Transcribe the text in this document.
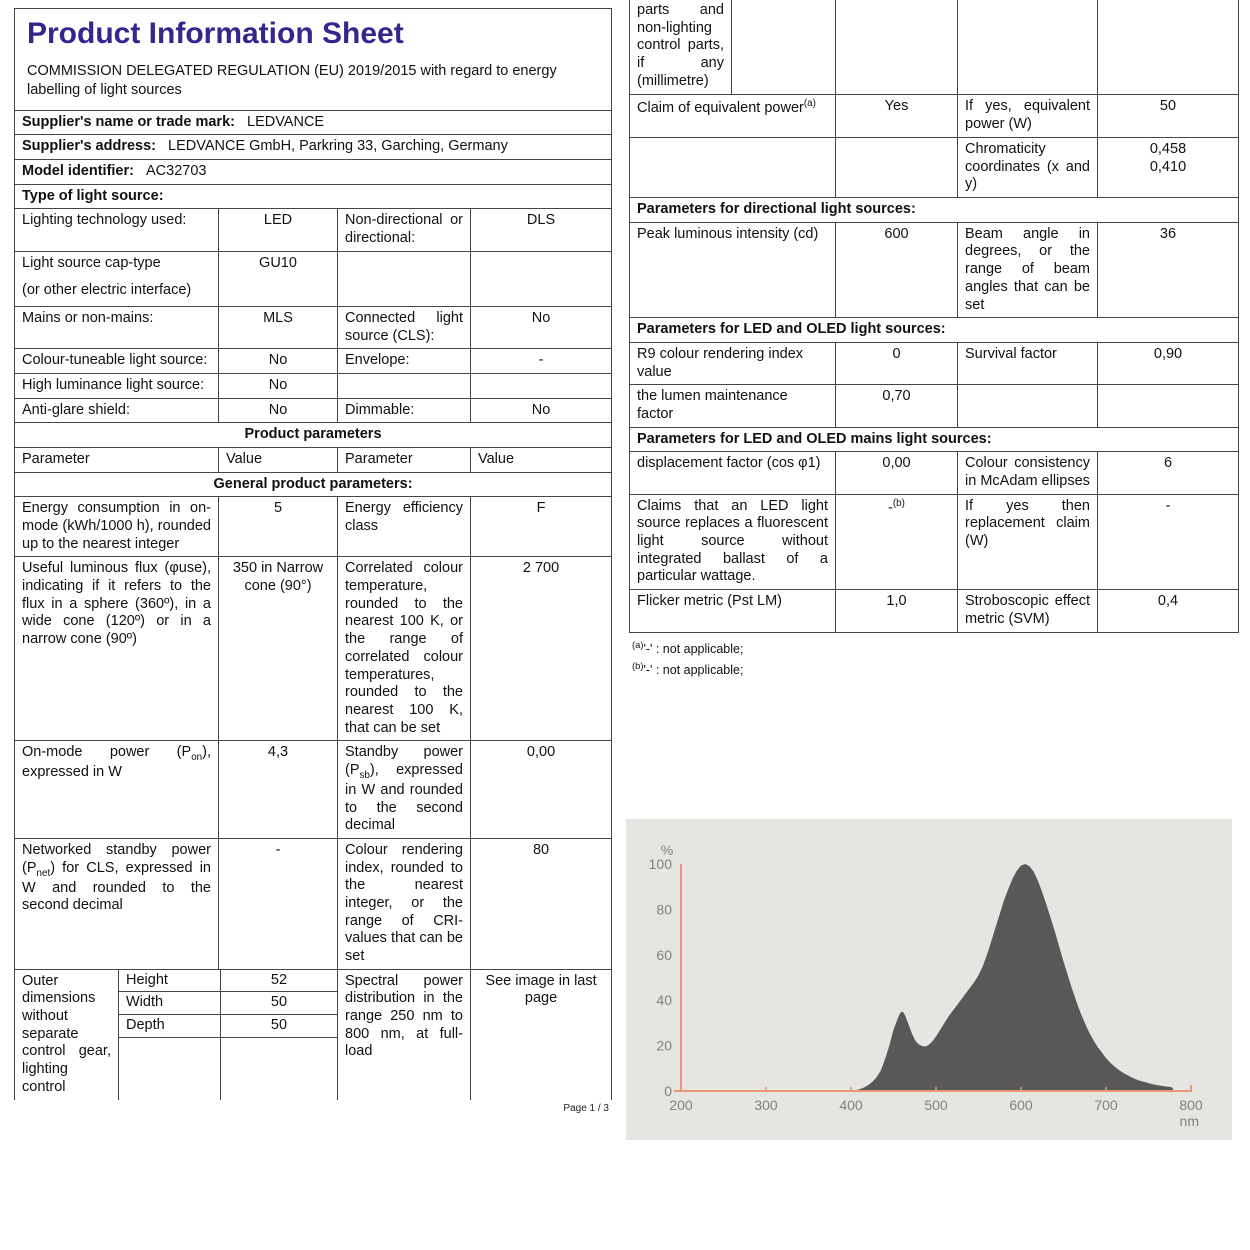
Product Information Sheet

COMMISSION DELEGATED REGULATION (EU) 2019/2015 with regard to energy labelling of light sources

Supplier's name or trade mark: LEDVANCE			
Supplier's address: LEDVANCE GmbH, Parkring 33, Garching, Germany			
Model identifier: AC32703			
Type of light source:			
Lighting technology used:	LED	Non-directional or directional:	DLS

Light source cap-type
(or other electric interface)	GU10		
Mains or non-mains:	MLS	Connected light source (CLS):	No
Colour-tuneable light source:	No	Envelope:	-
High luminance light source:	No		
Anti-glare shield:	No	Dimmable:	No
Product parameters			
Parameter	Value	Parameter	Value
General product parameters:			
Energy consumption in on-mode (kWh/1000 h), rounded up to the nearest integer	5	Energy efficiency class	F
Useful luminous flux (φuse), indicating if it refers to the flux in a sphere (360º), in a wide cone (120º) or in a narrow cone (90º)	350 in Narrow cone (90°)	Correlated colour temperature, rounded to the nearest 100 K, or the range of correlated colour temperatures, rounded to the nearest 100 K, that can be set	2 700
On-mode power $(P_{on})$, expressed in W	4,3	Standby power $(P_{sb})$, expressed in W and rounded to the second decimal	0,00
Networked standby power $(P_{net})$ for CLS, expressed in W and rounded to the second decimal	-	Colour rendering index, rounded to the nearest integer, or the range of CRI-values that can be set	80

Outer dimensions without separate control gear, lighting control
Height	52
Width	50
Depth	50
	Spectral power distribution in the range 250 nm to 800 nm, at full-load	See image in last page
Page 1 / 3
parts and non-lighting control parts, if any (millimetre)			

Claim of equivalent power$^{(a)}$	Yes	If yes, equivalent power (W)	50
		Chromaticity coordinates (x and y)	0,458
0,410

Parameters for directional light sources:			
Peak luminous intensity (cd)	600	Beam angle in degrees, or the range of beam angles that can be set	36
Parameters for LED and OLED light sources:			
R9 colour rendering index value	0	Survival factor	0,90
the lumen maintenance factor	0,70		
Parameters for LED and OLED mains light sources:			
displacement factor (cos φ1)	0,00	Colour consistency in McAdam ellipses	6
Claims that an LED light source replaces a fluorescent light source without integrated ballast of a particular wattage.	-$^{(b)}$	If yes then replacement claim (W)	-
Flicker metric (Pst LM)	1,0	Stroboscopic effect metric (SVM)	0,4
$^{(a)}$'-' : not applicable;
$^{(b)}$'-' : not applicable;
0
20
40
60
80
100
200	300	400	500	600	700	800
%
nm
